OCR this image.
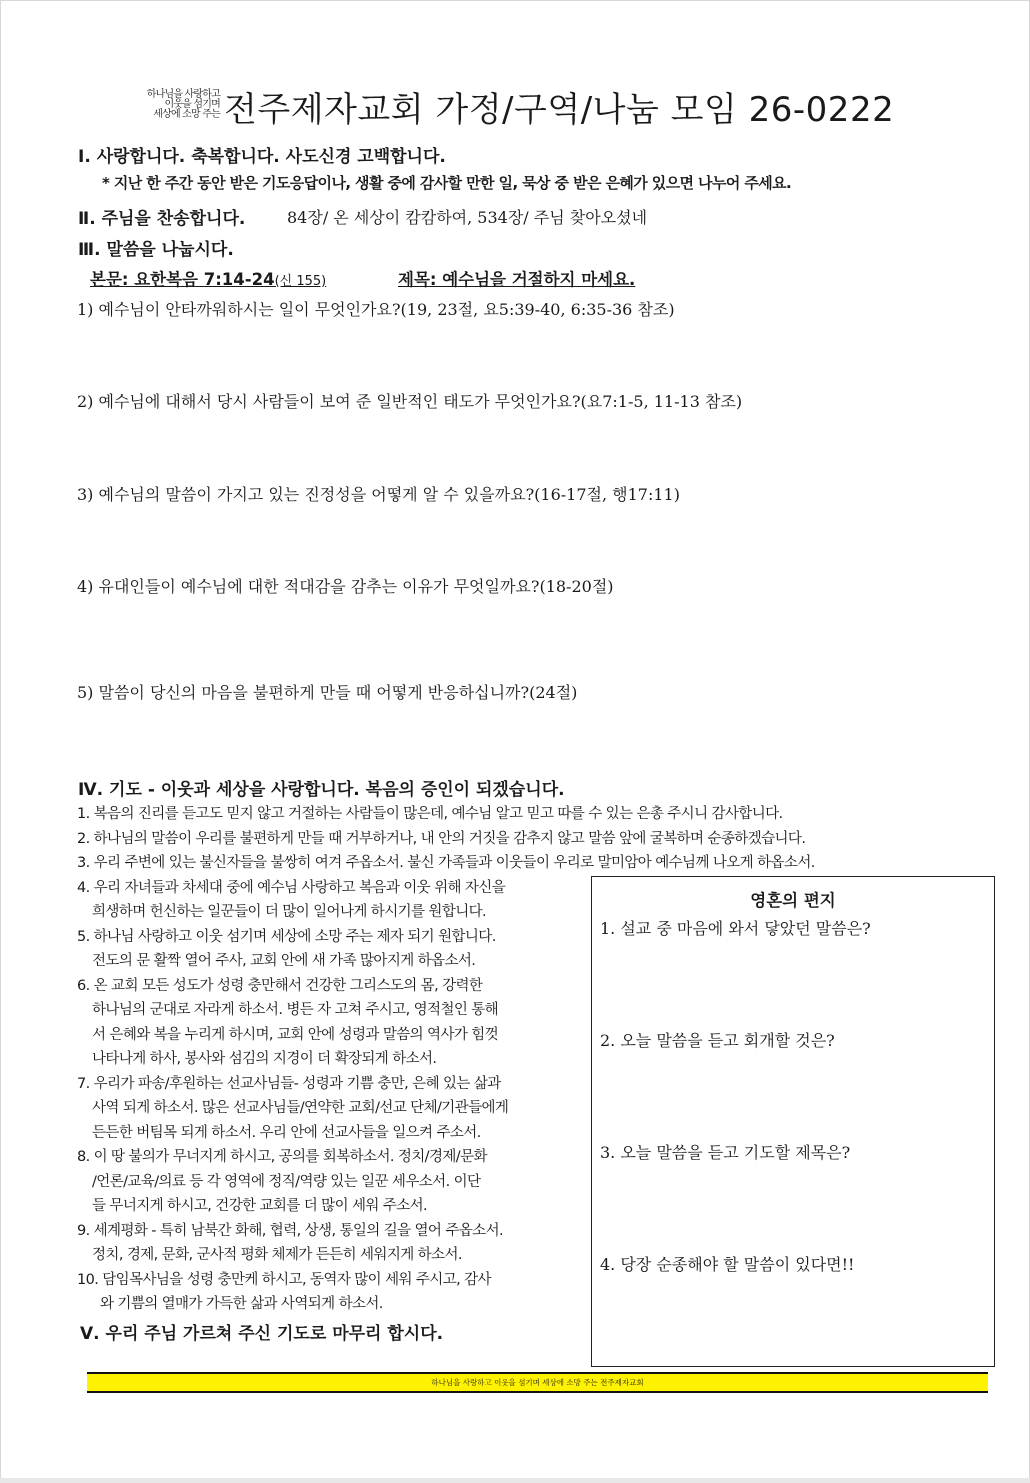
하나님을 사랑하고
이웃을 섬기며
세상에 소망 주는 전주제자교회 가정/구역/나눔 모임 26-0222
Ⅰ. 사랑합니다. 축복합니다. 사도신경 고백합니다.
* 지난 한 주간 동안 받은 기도응답이나, 생활 중에 감사할 만한 일, 묵상 중 받은 은혜가 있으면 나누어 주세요.
Ⅱ. 주님을 찬송합니다.	84장/ 온 세상이 캄캄하여, 534장/ 주님 찾아오셨네
Ⅲ. 말씀을 나눕시다.
본문: 요한복음 7:14-24(신 155)	제목: 예수님을 거절하지 마세요.
1) 예수님이 안타까워하시는 일이 무엇인가요?(19, 23절, 요5:39-40, 6:35-36 참조)
2) 예수님에 대해서 당시 사람들이 보여 준 일반적인 태도가 무엇인가요?(요7:1-5, 11-13 참조)
3) 예수님의 말씀이 가지고 있는 진정성을 어떻게 알 수 있을까요?(16-17절, 행17:11)
4) 유대인들이 예수님에 대한 적대감을 감추는 이유가 무엇일까요?(18-20절)
5) 말씀이 당신의 마음을 불편하게 만들 때 어떻게 반응하십니까?(24절)
Ⅳ. 기도 - 이웃과 세상을 사랑합니다. 복음의 증인이 되겠습니다.
1. 복음의 진리를 듣고도 믿지 않고 거절하는 사람들이 많은데, 예수님 알고 믿고 따를 수 있는 은총 주시니 감사합니다.
2. 하나님의 말씀이 우리를 불편하게 만들 때 거부하거나, 내 안의 거짓을 감추지 않고 말씀 앞에 굴복하며 순종하겠습니다.
3. 우리 주변에 있는 불신자들을 불쌍히 여겨 주옵소서. 불신 가족들과 이웃들이 우리로 말미암아 예수님께 나오게 하옵소서.
4. 우리 자녀들과 차세대 중에 예수님 사랑하고 복음과 이웃 위해 자신을
희생하며 헌신하는 일꾼들이 더 많이 일어나게 하시기를 원합니다.
5. 하나님 사랑하고 이웃 섬기며 세상에 소망 주는 제자 되기 원합니다.
전도의 문 활짝 열어 주사, 교회 안에 새 가족 많아지게 하옵소서.
6. 온 교회 모든 성도가 성령 충만해서 건강한 그리스도의 몸, 강력한
하나님의 군대로 자라게 하소서. 병든 자 고쳐 주시고, 영적철인 통해
서 은혜와 복을 누리게 하시며, 교회 안에 성령과 말씀의 역사가 힘껏
나타나게 하사, 봉사와 섬김의 지경이 더 확장되게 하소서.
7. 우리가 파송/후원하는 선교사님들- 성령과 기쁨 충만, 은혜 있는 삶과
사역 되게 하소서. 많은 선교사님들/연약한 교회/선교 단체/기관들에게
든든한 버팀목 되게 하소서. 우리 안에 선교사들을 일으켜 주소서.
8. 이 땅 불의가 무너지게 하시고, 공의를 회복하소서. 정치/경제/문화
/언론/교육/의료 등 각 영역에 정직/역량 있는 일꾼 세우소서. 이단
들 무너지게 하시고, 건강한 교회를 더 많이 세워 주소서.
9. 세계평화 - 특히 남북간 화해, 협력, 상생, 통일의 길을 열어 주옵소서.
정치, 경제, 문화, 군사적 평화 체제가 든든히 세워지게 하소서.
10. 담임목사님을 성령 충만케 하시고, 동역자 많이 세워 주시고, 감사
와 기쁨의 열매가 가득한 삶과 사역되게 하소서.
Ⅴ. 우리 주님 가르쳐 주신 기도로 마무리 합시다.
영혼의 편지
1. 설교 중 마음에 와서 닿았던 말씀은?
2. 오늘 말씀을 듣고 회개할 것은?
3. 오늘 말씀을 듣고 기도할 제목은?
4. 당장 순종해야 할 말씀이 있다면!!
하나님을 사랑하고 이웃을 섬기며 세상에 소망 주는 전주제자교회
